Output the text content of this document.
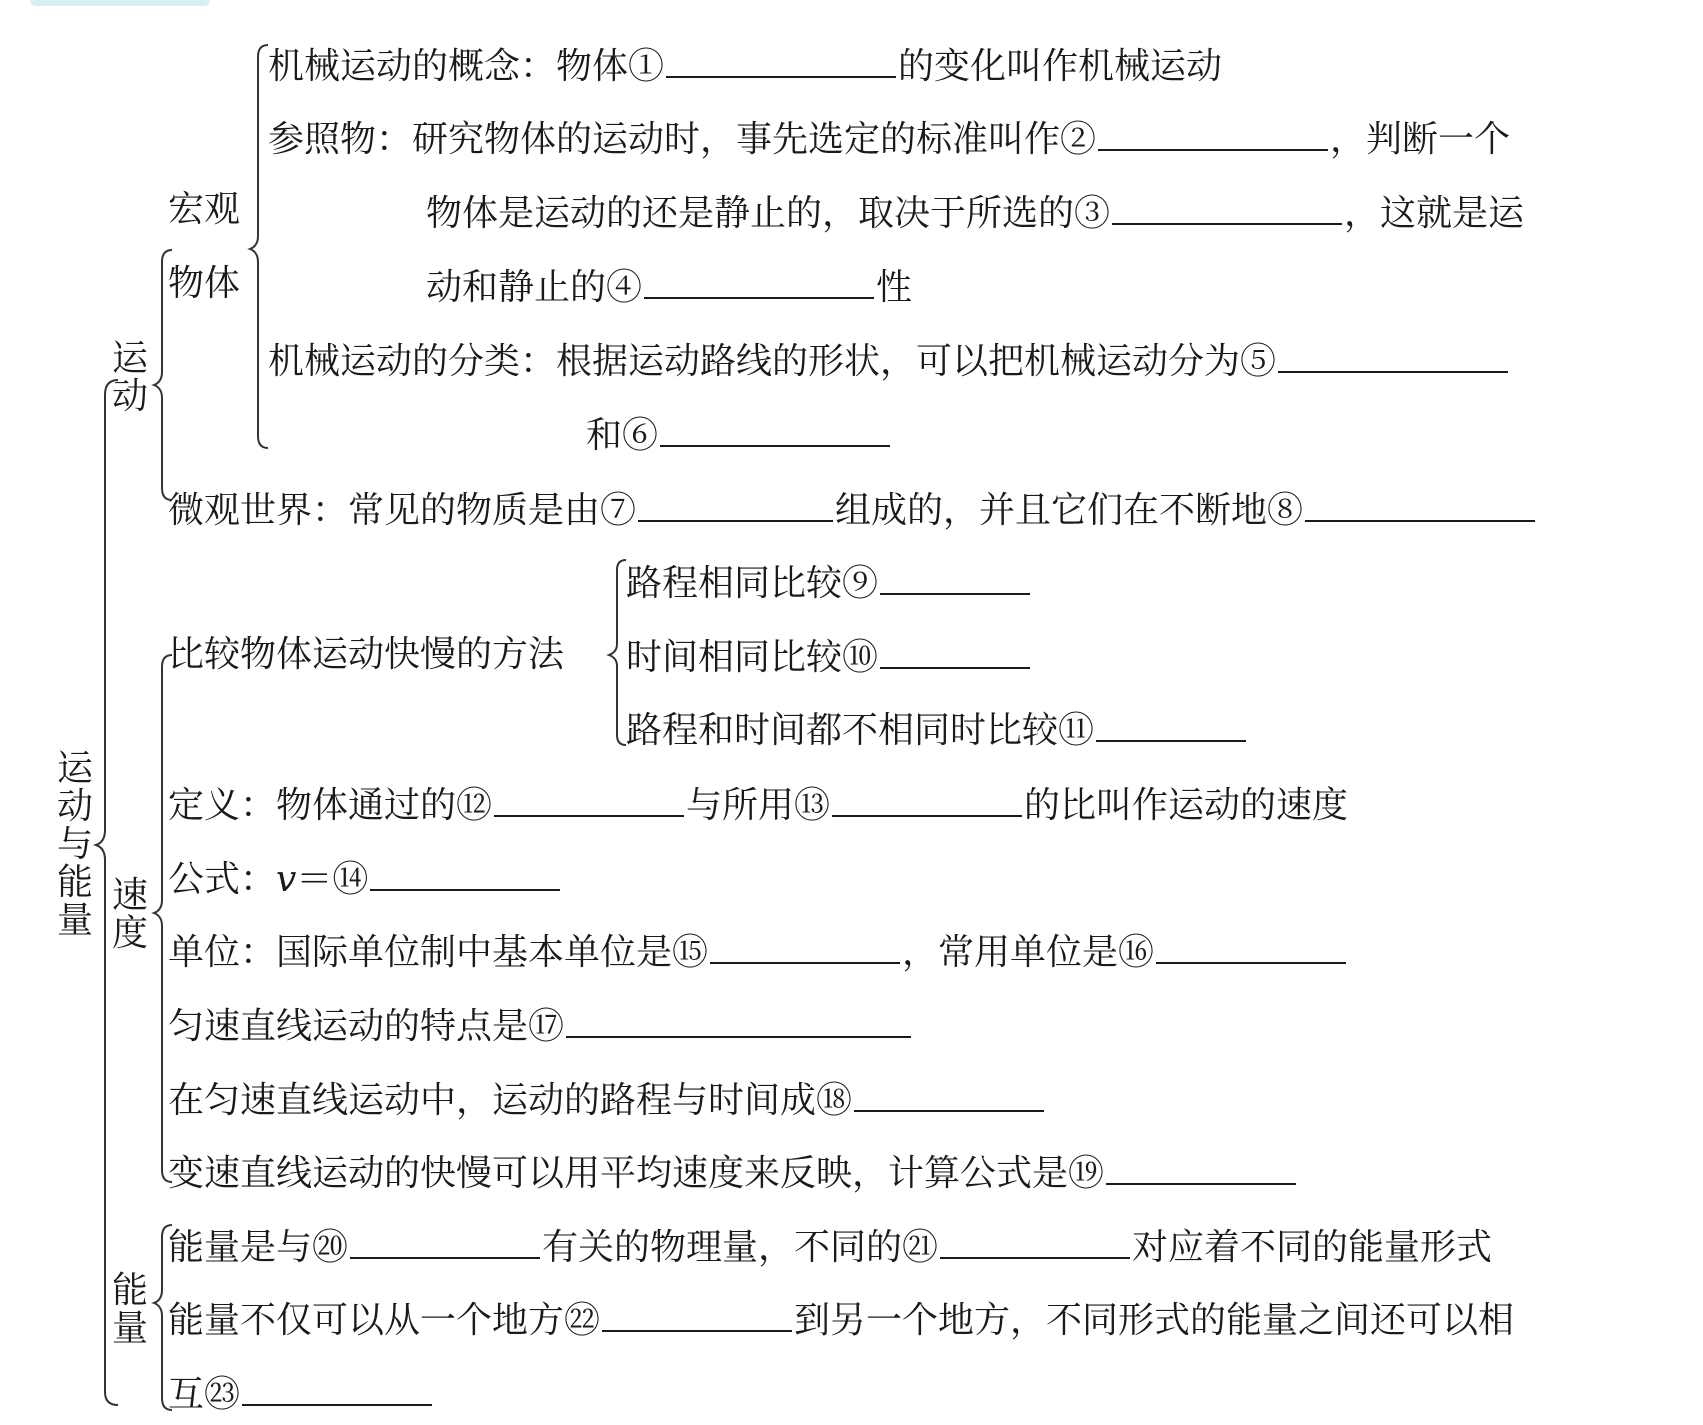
运
动
与
能
量
运
动
宏观
物体
机械运动的概念：物体①	的变化叫作机械运动
参照物：研究物体的运动时，事先选定的标准叫作②	，判断一个
物体是运动的还是静止的，取决于所选的③	，这就是运
动和静止的④	性
机械运动的分类：根据运动路线的形状，可以把机械运动分为⑤
和⑥
微观世界：常见的物质是由⑦	组成的，并且它们在不断地⑧
速
度
比较物体运动快慢的方法
路程相同比较⑨
时间相同比较⑩
路程和时间都不相同时比较⑪
定义：物体通过的⑫	与所用⑬	的比叫作运动的速度
公式：v＝⑭
单位：国际单位制中基本单位是⑮	，常用单位是⑯
匀速直线运动的特点是⑰
在匀速直线运动中，运动的路程与时间成⑱
变速直线运动的快慢可以用平均速度来反映，计算公式是⑲
能
量
能量是与⑳	有关的物理量，不同的㉑	对应着不同的能量形式
能量不仅可以从一个地方㉒	到另一个地方，不同形式的能量之间还可以相
互㉓
